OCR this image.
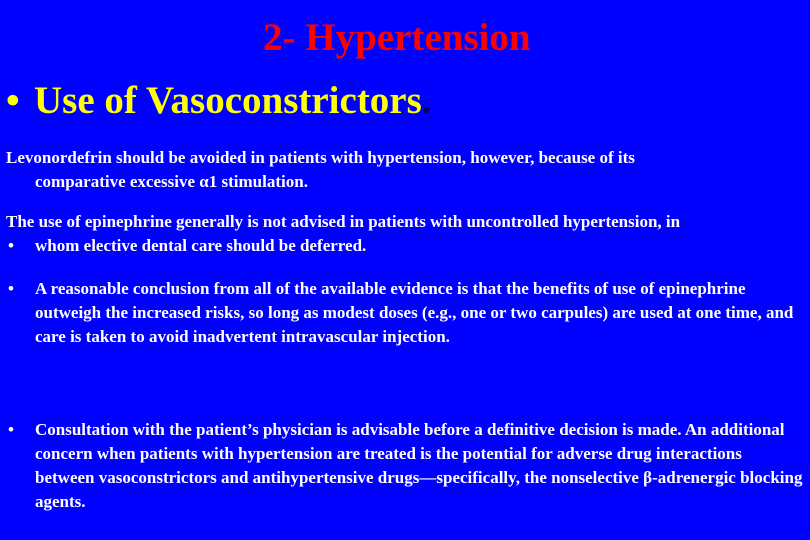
2- Hypertension
• Use of Vasoconstrictors.
Levonordefrin should be avoided in patients with hypertension, however, because of its
comparative excessive α1 stimulation.
The use of epinephrine generally is not advised in patients with uncontrolled hypertension, in
• whom elective dental care should be deferred.
• A reasonable conclusion from all of the available evidence is that the benefits of use of epinephrine outweigh the increased risks, so long as modest doses (e.g., one or two carpules) are used at one time, and care is taken to avoid inadvertent intravascular injection.
• Consultation with the patient’s physician is advisable before a definitive decision is made. An additional concern when patients with hypertension are treated is the potential for adverse drug interactions between vasoconstrictors and antihypertensive drugs—specifically, the nonselective β-adrenergic blocking agents.
